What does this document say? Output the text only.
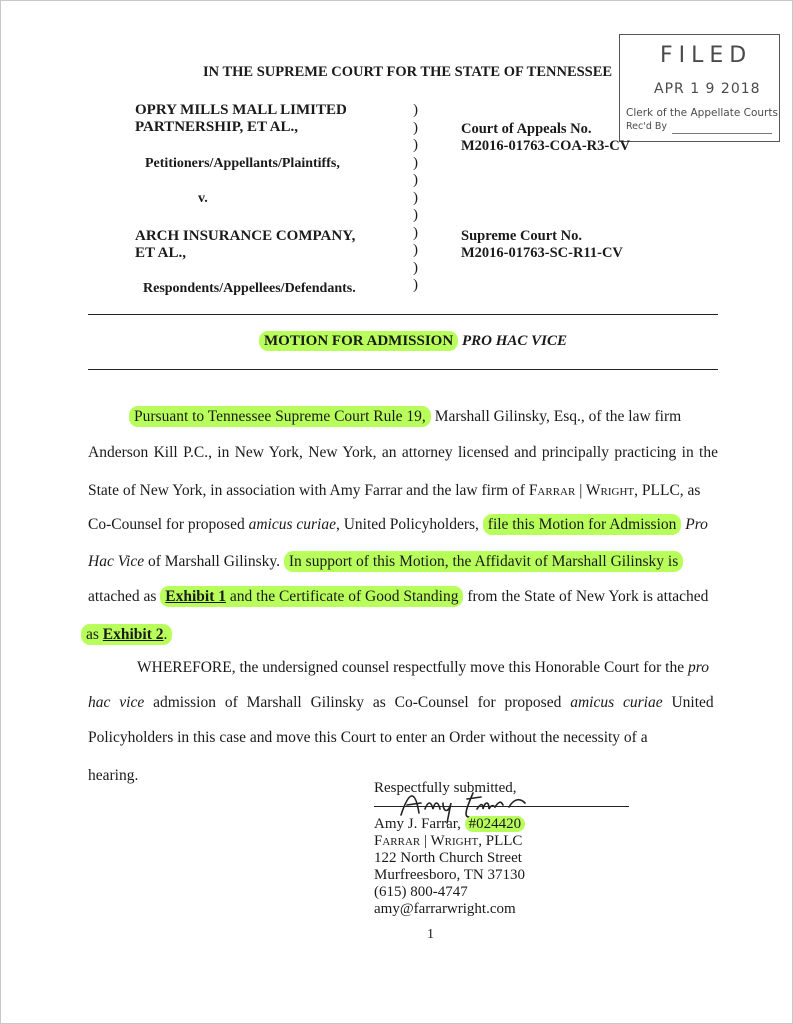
FILED
APR 1 9 2018
Clerk of the Appellate Courts
Rec'd By
IN THE SUPREME COURT FOR THE STATE OF TENNESSEE
OPRY MILLS MALL LIMITED
PARTNERSHIP, ET AL.,
Petitioners/Appellants/Plaintiffs,
v.
ARCH INSURANCE COMPANY,
ET AL.,
Respondents/Appellees/Defendants.
)
)
)
)
)
)
)
)
)
)
)
Court of Appeals No.
M2016-01763-COA-R3-CV
Supreme Court No.
M2016-01763-SC-R11-CV
MOTION FOR ADMISSION PRO HAC VICE
Pursuant to Tennessee Supreme Court Rule 19, Marshall Gilinsky, Esq., of the law firm
Anderson Kill P.C., in New York, New York, an attorney licensed and principally practicing in the
State of New York, in association with Amy Farrar and the law firm of Farrar | Wright, PLLC, as
Co-Counsel for proposed amicus curiae, United Policyholders, file this Motion for Admission Pro
Hac Vice of Marshall Gilinsky. In support of this Motion, the Affidavit of Marshall Gilinsky is
attached as Exhibit 1 and the Certificate of Good Standing from the State of New York is attached
as Exhibit 2.
WHEREFORE, the undersigned counsel respectfully move this Honorable Court for the pro
hac vice admission of Marshall Gilinsky as Co-Counsel for proposed amicus curiae United
Policyholders in this case and move this Court to enter an Order without the necessity of a
hearing.
Respectfully submitted,
Amy J. Farrar, #024420
Farrar | Wright, PLLC
122 North Church Street
Murfreesboro, TN 37130
(615) 800-4747
amy@farrarwright.com
1
